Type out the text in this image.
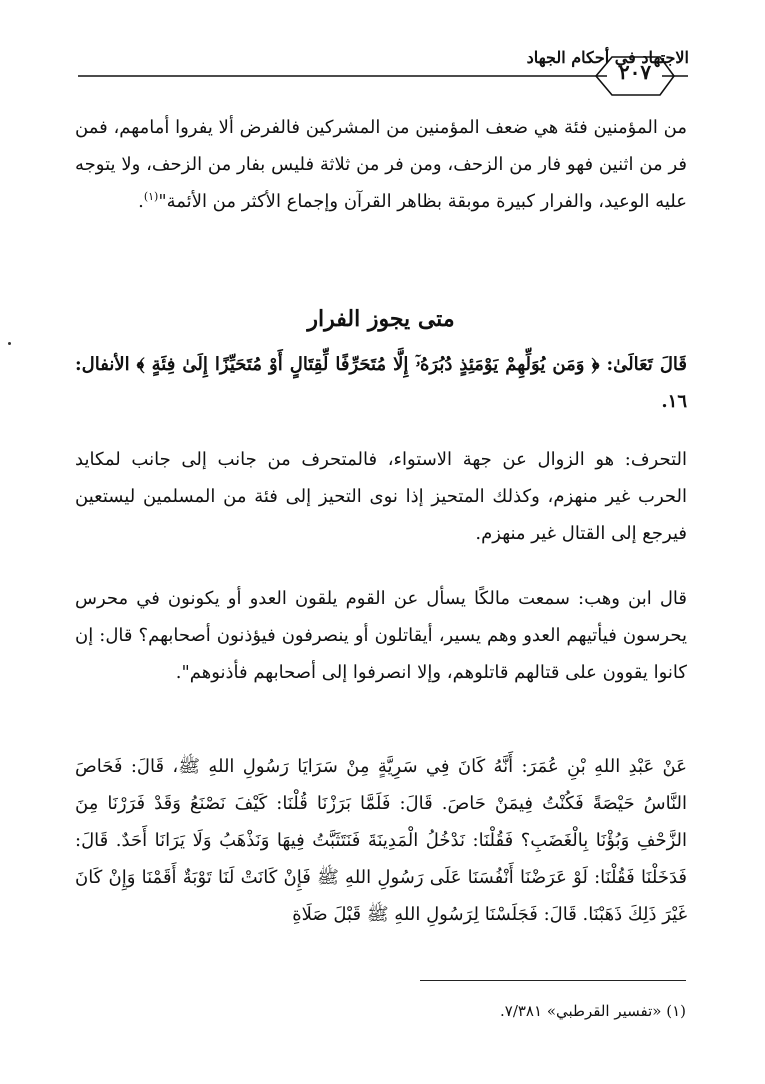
الاجتهاد في أحكام الجهاد
٢٠٧
من المؤمنين فئة هي ضعف المؤمنين من المشركين فالفرض ألا يفروا أمامهم، فمن فر من اثنين فهو فار من الزحف، ومن فر من ثلاثة فليس بفار من الزحف، ولا يتوجه عليه الوعيد، والفرار كبيرة موبقة بظاهر القرآن وإجماع الأكثر من الأئمة"$^{(١)}$.
متى يجوز الفرار
قَالَ تَعَالَىٰ: ﴿ وَمَن يُوَلِّهِمْ يَوْمَئِذٍ دُبُرَهُۥٓ إِلَّا مُتَحَرِّفًا لِّقِتَالٍ أَوْ مُتَحَيِّزًا إِلَىٰ فِئَةٍ ﴾ الأنفال: ١٦.
التحرف: هو الزوال عن جهة الاستواء، فالمتحرف من جانب إلى جانب لمكايد الحرب غير منهزم، وكذلك المتحيز إذا نوى التحيز إلى فئة من المسلمين ليستعين فيرجع إلى القتال غير منهزم.
قال ابن وهب: سمعت مالكًا يسأل عن القوم يلقون العدو أو يكونون في محرس يحرسون فيأتيهم العدو وهم يسير، أيقاتلون أو ينصرفون فيؤذنون أصحابهم؟ قال: إن كانوا يقوون على قتالهم قاتلوهم، وإلا انصرفوا إلى أصحابهم فأذنوهم".
عَنْ عَبْدِ اللهِ بْنِ عُمَرَ: أَنَّهُ كَانَ فِي سَرِيَّةٍ مِنْ سَرَايَا رَسُولِ اللهِ ﷺ، قَالَ: فَحَاصَ النَّاسُ حَيْصَةً فَكُنْتُ فِيمَنْ حَاصَ. قَالَ: فَلَمَّا بَرَزْنَا قُلْنَا: كَيْفَ نَصْنَعُ وَقَدْ فَرَرْنَا مِنَ الزَّحْفِ وَبُؤْنَا بِالْغَضَبِ؟ فَقُلْنَا: نَدْخُلُ الْمَدِينَةَ فَنَتَثَبَّتُ فِيهَا وَنَذْهَبُ وَلَا يَرَانَا أَحَدٌ. قَالَ: فَدَخَلْنَا فَقُلْنَا: لَوْ عَرَضْنَا أَنْفُسَنَا عَلَى رَسُولِ اللهِ ﷺ فَإِنْ كَانَتْ لَنَا تَوْبَةٌ أَقَمْنَا وَإِنْ كَانَ غَيْرَ ذَلِكَ ذَهَبْنَا. قَالَ: فَجَلَسْنَا لِرَسُولِ اللهِ ﷺ قَبْلَ صَلَاةِ
(١) «تفسير القرطبي» ٧/٣٨١.
